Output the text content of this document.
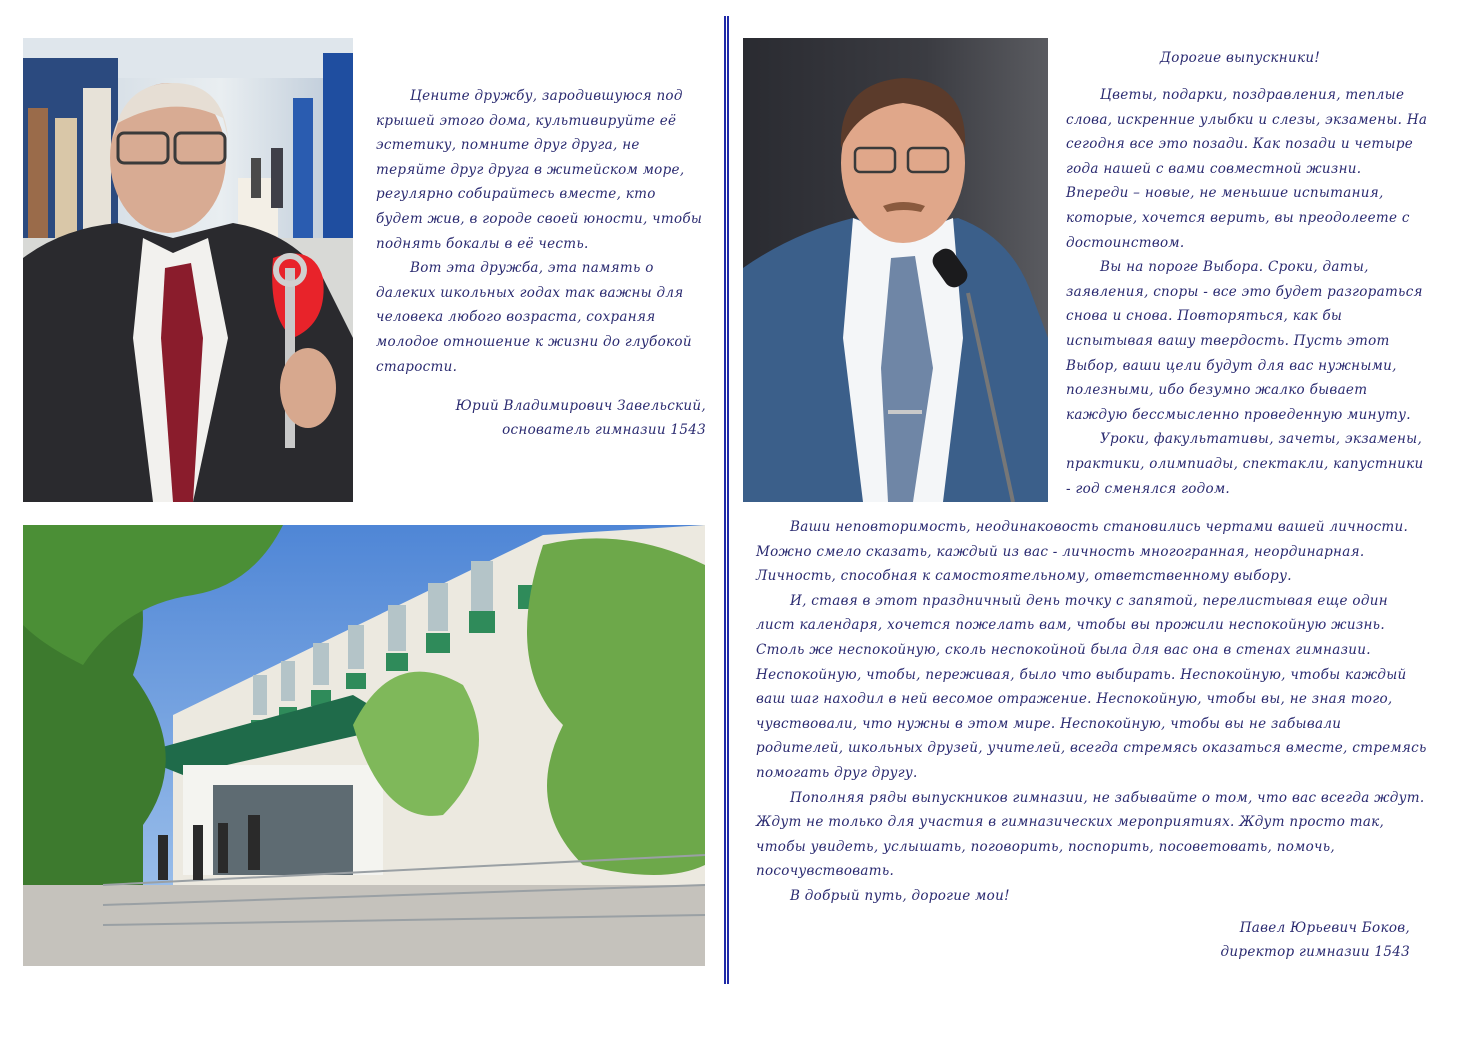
Цените дружбу, зародившуюся под крышей этого дома, культивируйте её эстетику, помните друг друга, не теряйте друг друга в житейском море, регулярно собирайтесь вместе, кто будет жив, в городе своей юности, чтобы поднять бокалы в её честь.

Вот эта дружба, эта память о далеких школьных годах так важны для человека любого возраста, сохраняя молодое отношение к жизни до глубокой старости.

Юрий Владимирович Завельский,

основатель гимназии 1543

Дорогие выпускники!

Цветы, подарки, поздравления, теплые слова, искренние улыбки и слезы, экзамены. На сегодня все это позади. Как позади и четыре года нашей с вами совместной жизни. Впереди – новые, не меньшие испытания, которые, хочется верить, вы преодолеете с достоинством.

Вы на пороге Выбора. Сроки, даты, заявления, споры - все это будет разгораться снова и снова. Повторяться, как бы испытывая вашу твердость. Пусть этот Выбор, ваши цели будут для вас нужными, полезными, ибо безумно жалко бывает каждую бессмысленно проведенную минуту.

Уроки, факультативы, зачеты, экзамены, практики, олимпиады, спектакли, капустники - год сменялся годом.

Ваши неповторимость, неодинаковость становились чертами вашей личности. Можно смело сказать, каждый из вас - личность многогранная, неординарная. Личность, способная к самостоятельному, ответственному выбору.

И, ставя в этот праздничный день точку с запятой, перелистывая еще один лист календаря, хочется пожелать вам, чтобы вы прожили неспокойную жизнь. Столь же неспокойную, сколь неспокойной была для вас она в стенах гимназии. Неспокойную, чтобы, переживая, было что выбирать. Неспокойную, чтобы каждый ваш шаг находил в ней весомое отражение. Неспокойную, чтобы вы, не зная того, чувствовали, что нужны в этом мире. Неспокойную, чтобы вы не забывали родителей, школьных друзей, учителей, всегда стремясь оказаться вместе, стремясь помогать друг другу.

Пополняя ряды выпускников гимназии, не забывайте о том, что вас всегда ждут. Ждут не только для участия в гимназических мероприятиях. Ждут просто так, чтобы увидеть, услышать, поговорить, поспорить, посоветовать, помочь, посочувствовать.

В добрый путь, дорогие мои!

Павел Юрьевич Боков,

директор гимназии 1543
